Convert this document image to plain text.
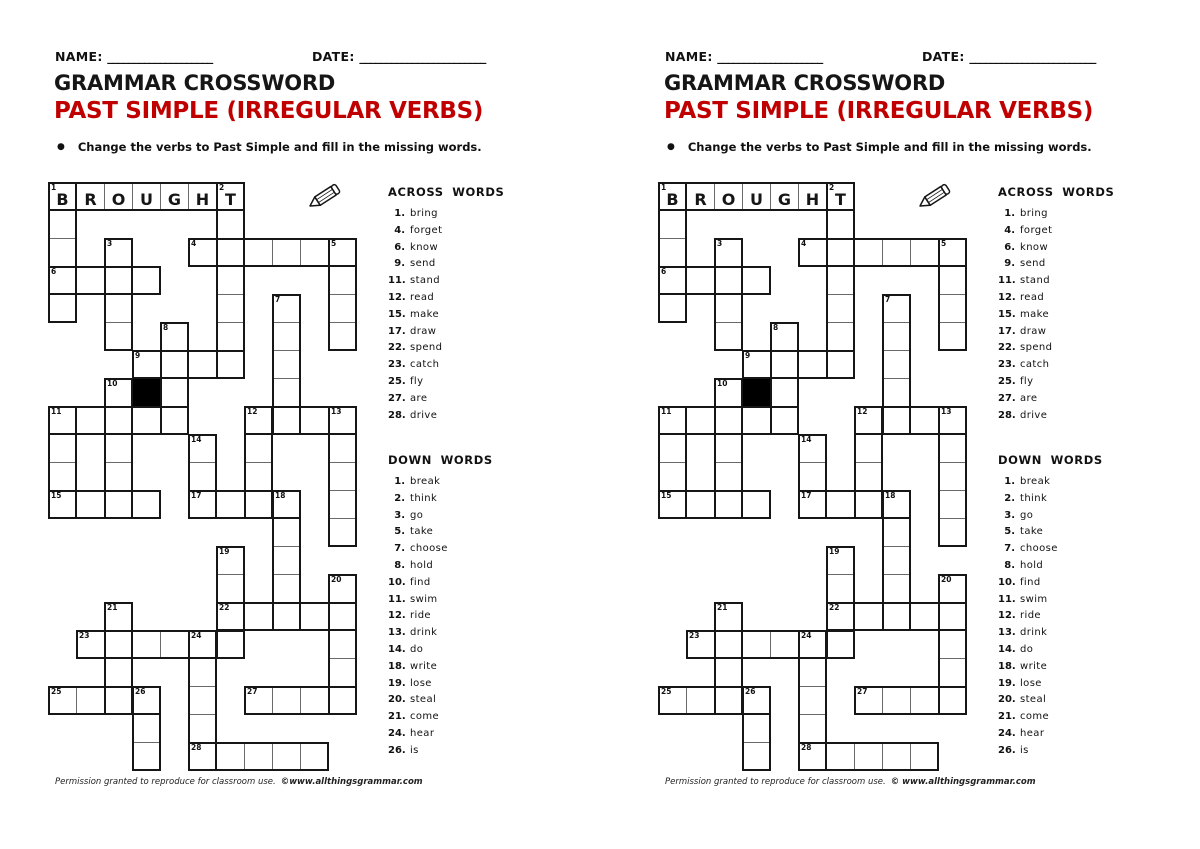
NAME: ____________________	DATE: ________________________
GRAMMAR CROSSWORD
PAST SIMPLE (IRREGULAR VERBS)
● Change the verbs to Past Simple and fill in the missing words.
1
B R O U G H
2
T
3	4	5
6
7
8
9
10
11	12	13
14
15	17	18
19
20
21	22
23	24
25	26	27
28
ACROSS WORDS
1. bring
4. forget
6. know
9. send
11. stand
12. read
15. make
17. draw
22. spend
23. catch
25. fly
27. are
28. drive
DOWN WORDS
1. break
2. think
3. go
5. take
7. choose
8. hold
10. find
11. swim
12. ride
13. drink
14. do
18. write
19. lose
20. steal
21. come
24. hear
26. is
Permission granted to reproduce for classroom use. ©www.allthingsgrammar.com
NAME: ____________________	DATE: ________________________
GRAMMAR CROSSWORD
PAST SIMPLE (IRREGULAR VERBS)
● Change the verbs to Past Simple and fill in the missing words.
1
B R O U G H
2
T
3	4	5
6
7
8
9
10
11	12	13
14
15	17	18
19
20
21	22
23	24
25	26	27
28
ACROSS WORDS
1. bring
4. forget
6. know
9. send
11. stand
12. read
15. make
17. draw
22. spend
23. catch
25. fly
27. are
28. drive
DOWN WORDS
1. break
2. think
3. go
5. take
7. choose
8. hold
10. find
11. swim
12. ride
13. drink
14. do
18. write
19. lose
20. steal
21. come
24. hear
26. is
Permission granted to reproduce for classroom use. © www.allthingsgrammar.com
